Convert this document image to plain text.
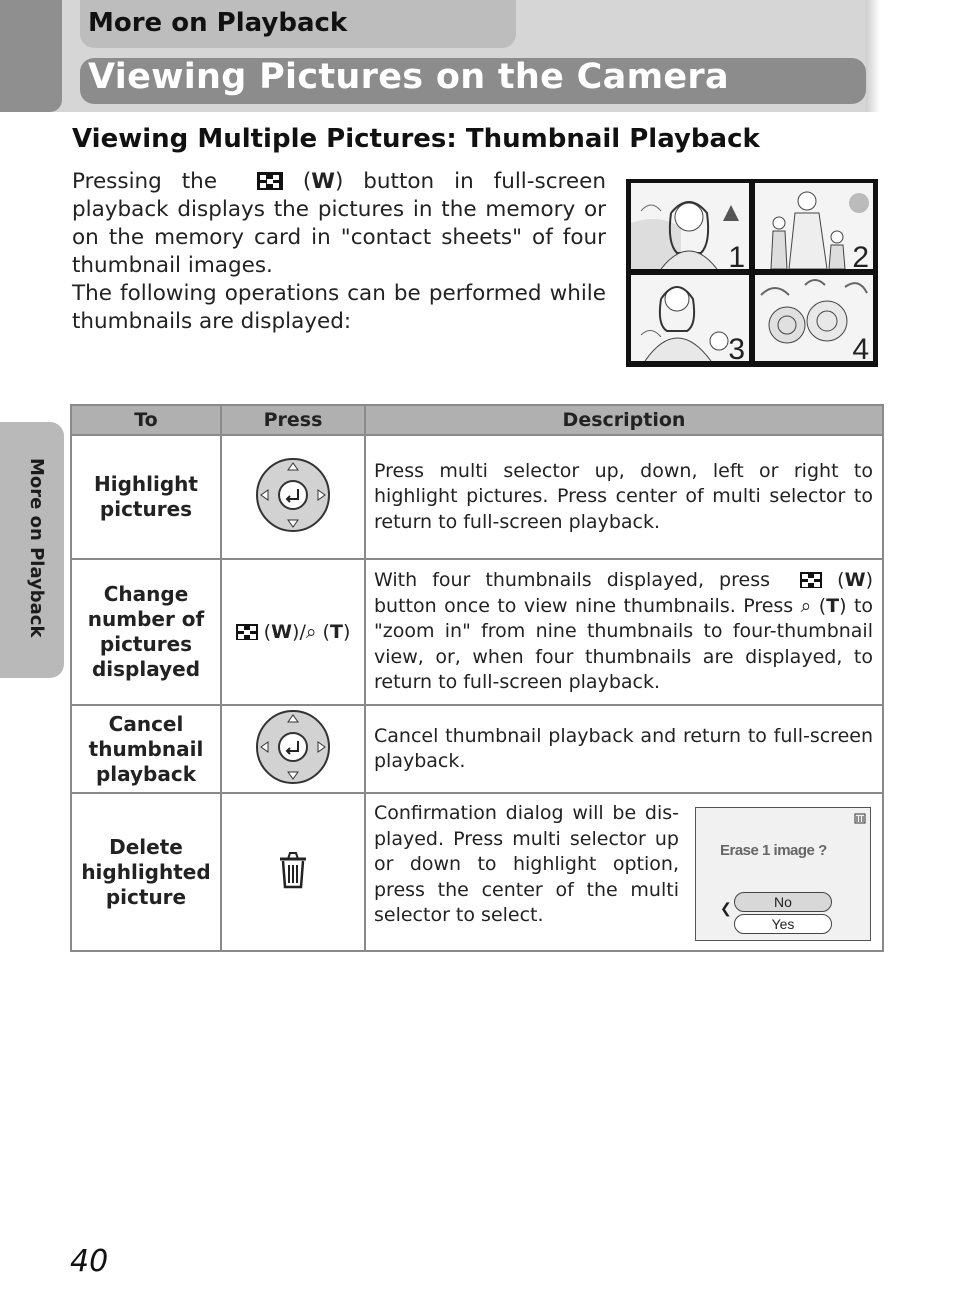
More on Playback
Viewing Pictures on the Camera
More on Playback
Viewing Multiple Pictures: Thumbnail Playback

Pressing the	(W) button in full-screen playback displays the pictures in the memory or on the memory card in "contact sheets" of four thumbnail images.

The following operations can be performed while thumbnails are displayed:

1	2
3	4
To	Press	Description
Highlight pictures		Press multi selector up, down, left or right to highlight pictures. Press center of multi selector to return to full-screen playback.
Change number of pictures displayed	(W)/⌕ (T)	With four thumbnails displayed, press (W) button once to view nine thumbnails. Press ⌕ (T) to "zoom in" from nine thumbnails to four-thumbnail view, or, when four thumbnails are displayed, to return to full-screen playback.
Cancel thumbnail playback		Cancel thumbnail playback and return to full-screen playback.
Delete highlighted picture		Erase 1 image ?
❮ No
Yes
Confirmation dialog will be dis-played. Press multi selector up or down to highlight option, press the center of the multi selector to select.
40
